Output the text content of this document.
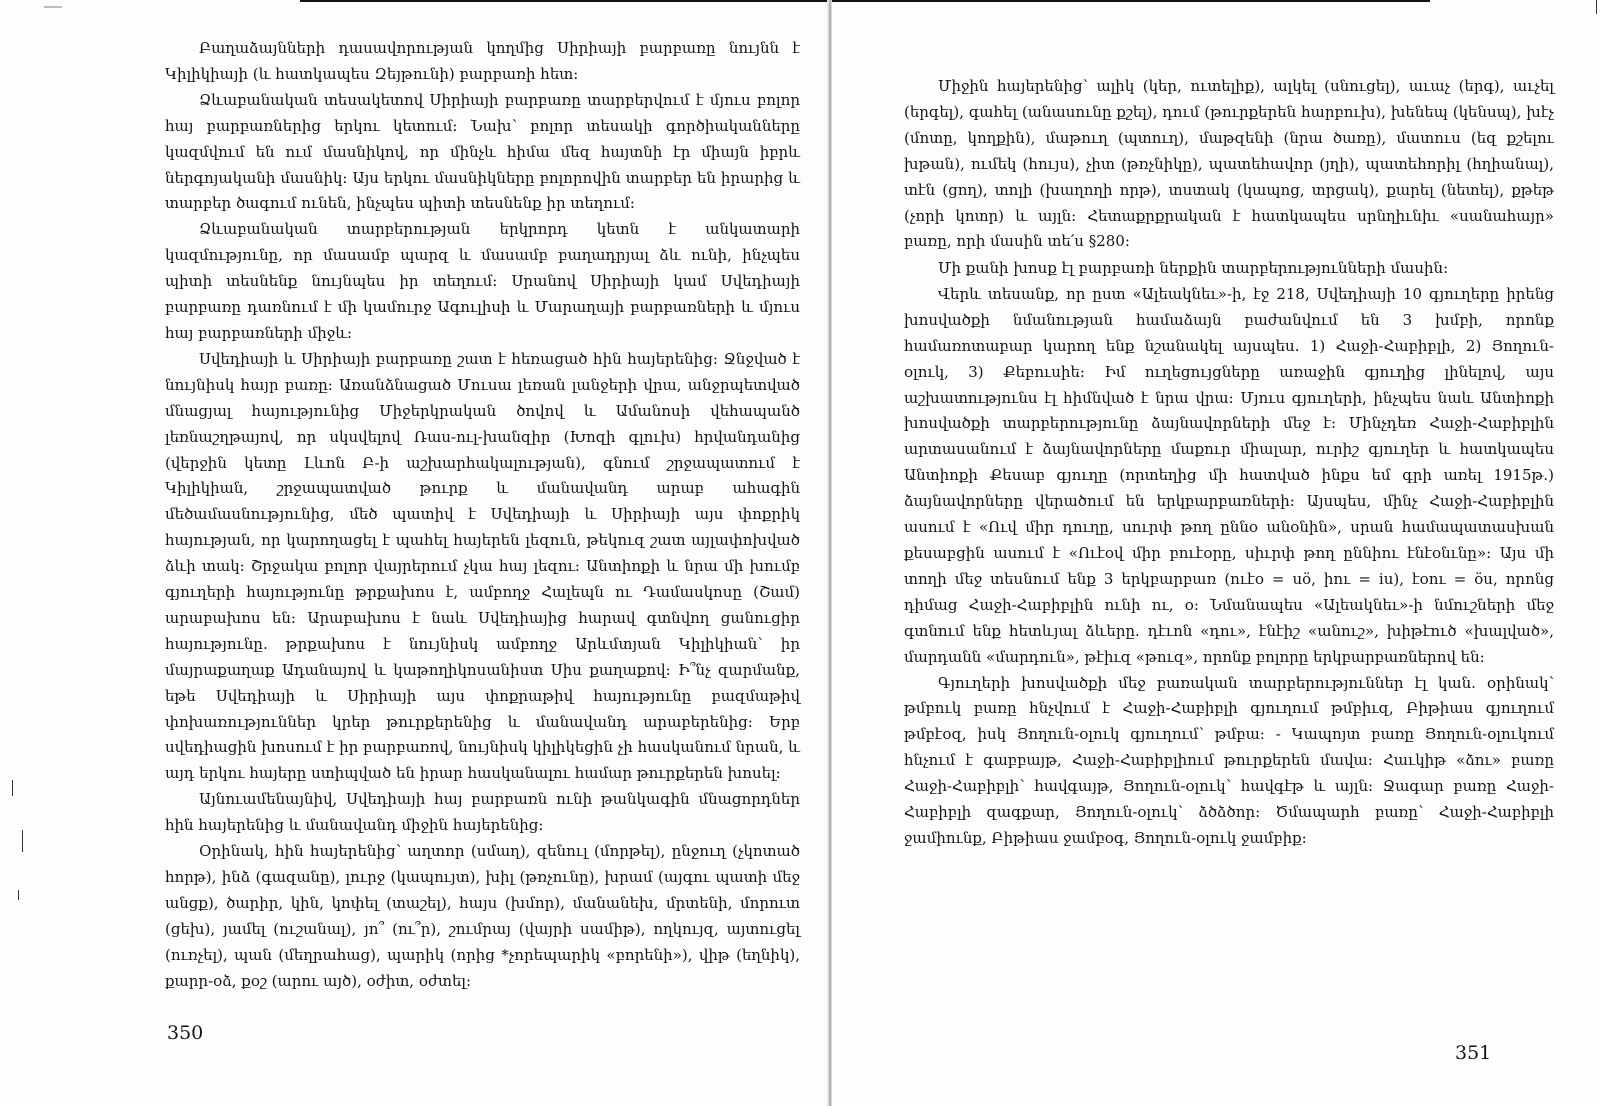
Բաղաձայնների դասավորության կողմից Սիրիայի բարբառը նույնն է Կիլիկիայի (և հատկապես Զեյթունի) բարբառի հետ:

Ձևաբանական տեսակետով Սիրիայի բարբառը տարբերվում է մյուս բոլոր հայ բարբառներից երկու կետում: Նախ՝ բոլոր տեսակի գործիականները կազմվում են ում մասնիկով, որ մինչև հիմա մեզ հայտնի էր միայն իբրև ներգոյականի մասնիկ: Այս երկու մասնիկները բոլորովին տարբեր են իրարից և տարբեր ծագում ունեն, ինչպես պիտի տեսնենք իր տեղում:

Ձևաբանական տարբերության երկրորդ կետն է անկատարի կազմությունը, որ մասամբ պարզ և մասամբ բաղադրյալ ձև ունի, ինչպես պիտի տեսնենք նույնպես իր տեղում: Սրանով Սիրիայի կամ Սվեդիայի բարբառը դառնում է մի կամուրջ Ագուլիսի և Մարաղայի բարբառների և մյուս հայ բարբառների միջև:

Սվեդիայի և Սիրիայի բարբառը շատ է հեռացած հին հայերենից: Ջնջված է նույնիսկ հայր բառը: Առանձնացած Մուսա լեռան լանջերի վրա, անջրպետված մնացյալ հայությունից Միջերկրական ծովով և Ամանոսի վեհապանծ լեռնաշղթայով, որ սկսվելով Ռաս-ուլ-խանզիր (Խոզի գլուխ) հրվանդանից (վերջին կետը Լևոն Բ-ի աշխարհակալության), գնում շրջապատում է Կիլիկիան, շրջապատված թուրք և մանավանդ արաբ ահագին մեծամասնությունից, մեծ պատիվ է Սվեդիայի և Սիրիայի այս փոքրիկ հայության, որ կարողացել է պահել հայերեն լեզուն, թեկուզ շատ այլափոխված ձևի տակ: Շրջակա բոլոր վայրերում չկա հայ լեզու: Անտիոքի և նրա մի խումբ գյուղերի հայությունը թրքախոս է, ամբողջ Հալեպն ու Դամասկոսը (Շամ) արաբախոս են: Արաբախոս է նաև Սվեդիայից հարավ գտնվող ցանուցիր հայությունը. թրքախոս է նույնիսկ ամբողջ Արևմտյան Կիլիկիան՝ իր մայրաքաղաք Ադանայով և կաթողիկոսանիստ Սիս քաղաքով: Ի՞նչ զարմանք, եթե Սվեդիայի և Սիրիայի այս փոքրաթիվ հայությունը բազմաթիվ փոխառություններ կրեր թուրքերենից և մանավանդ արաբերենից: Երբ սվեդիացին խոսում է իր բարբառով, նույնիսկ կիլիկեցին չի հասկանում նրան, և այդ երկու հայերը ստիպված են իրար հասկանալու համար թուրքերեն խոսել:

Այնուամենայնիվ, Սվեդիայի հայ բարբառն ունի թանկագին մնացորդներ հին հայերենից և մանավանդ միջին հայերենից:

Օրինակ, հին հայերենից՝ աղտոր (սմաղ), զենուլ (մորթել), ընջուղ (չկոտած հորթ), ինձ (գազանը), լուրջ (կապույտ), խիլ (թռչունը), խրամ (այգու պատի մեջ անցք), ծարիր, կին, կոփել (տաշել), հայս (խմոր), մանանեխ, մրտենի, մորուտ (ցեխ), յամել (ուշանալ), յո՞ (ու՞ր), շումրայ (վայրի սամիթ), ողկույզ, այտուցել (ուռչել), պան (մեղրահաց), պարիկ (որից *չորեպարիկ «բորենի»), վիթ (եղնիկ), քարր-օձ, քօշ (արու այծ), օժիտ, օժտել:

350

Միջին հայերենից՝ ալիկ (կեր, ուտելիք), ալկել (սնուցել), աւաչ (երգ), աւչել (երգել), գահել (անասունը քշել), դում (թուրքերեն հարբուխ), խենեպ (կենսպ), խէչ (մոտը, կողքին), մաթուղ (պտուղ), մաթզենի (նրա ծառը), մատուս (եզ քշելու խթան), ումեկ (հույս), չիտ (թռչնիկը), պատեհավոր (յղի), պատեհորիլ (հղիանալ), տէն (ցող), տոլի (խաղողի որթ), տստակ (կապոց, տրցակ), քարել (նետել), քթեթ (չորի կոտր) և այլն: Հետաքրքրական է հատկապես սրնղիւնիւ «սանահայր» բառը, որի մասին տե՛ս §280:

Մի քանի խոսք էլ բարբառի ներքին տարբերությունների մասին:

Վերև տեսանք, որ ըստ «Ալեակնեւ»-ի, էջ 218, Սվեդիայի 10 գյուղերը իրենց խոսվածքի նմանության համաձայն բաժանվում են 3 խմբի, որոնք համառոտաբար կարող ենք նշանակել այսպես. 1) Հաջի-Հաբիբլի, 2) Յողուն-օլուկ, 3) Քեբուսիե: Իմ ուղեցույցները առաջին գյուղից լինելով, այս աշխատությունս էլ հիմնված է նրա վրա: Մյուս գյուղերի, ինչպես նաև Անտիոքի խոսվածքի տարբերությունը ձայնավորների մեջ է: Մինչդեռ Հաջի-Հաբիբլին արտասանում է ձայնավորները մաքուր միալար, ուրիշ գյուղեր և հատկապես Անտիոքի Քեսաբ գյուղը (որտեղից մի հատված ինքս եմ գրի առել 1915թ.) ձայնավորները վերածում են երկբարբառների: Այսպես, մինչ Հաջի-Հաբիբլին ասում է «Ուվ միր դուղը, սուրփ թող ըննօ անօնին», սրան համապատասխան քեսաբցին ասում է «Ուէօվ միր բուէօրը, սիւրփ թող ըննիու էնէօնւնը»: Այս մի տողի մեջ տեսնում ենք 3 երկբարբառ (ուէօ = սö, իու = iu), էօու = öu, որոնց դիմաց Հաջի-Հաբիբլին ունի ու, օ: Նմանապես «Ալեակնեւ»-ի նմուշների մեջ գտնում ենք հետևյալ ձևերը. դէւոն «դու», էնէիշ «անուշ», խիթէուծ «խալված», մարդանն «մարդուն», թէիւզ «թուզ», որոնք բոլորը երկբարբառներով են:

Գյուղերի խոսվածքի մեջ բառական տարբերություններ էլ կան. օրինակ՝ թմբուկ բառը հնչվում է Հաջի-Հաբիբլի գյուղում թմբիւզ, Բիթիաս գյուղում թմբէօզ, իսկ Յողուն-օլուկ գյուղում՝ թմբա: - Կապոյտ բառը Յողուն-օլուկում հնչում է գաբբայթ, Հաջի-Հաբիբլիում թուրքերեն մավա: Հաւկիթ «ձու» բառը Հաջի-Հաբիբլի՝ հավգայթ, Յողուն-օլուկ՝ հավգէթ և այլն: Ջագար բառը Հաջի-Հաբիբլի զագքար, Յողուն-օլուկ՝ ձծձծոր: Ծմապարհ բառը՝ Հաջի-Հաբիբլի ջամիունք, Բիթիաս ջամբօգ, Յողուն-օլուկ ջամբիք:

351
